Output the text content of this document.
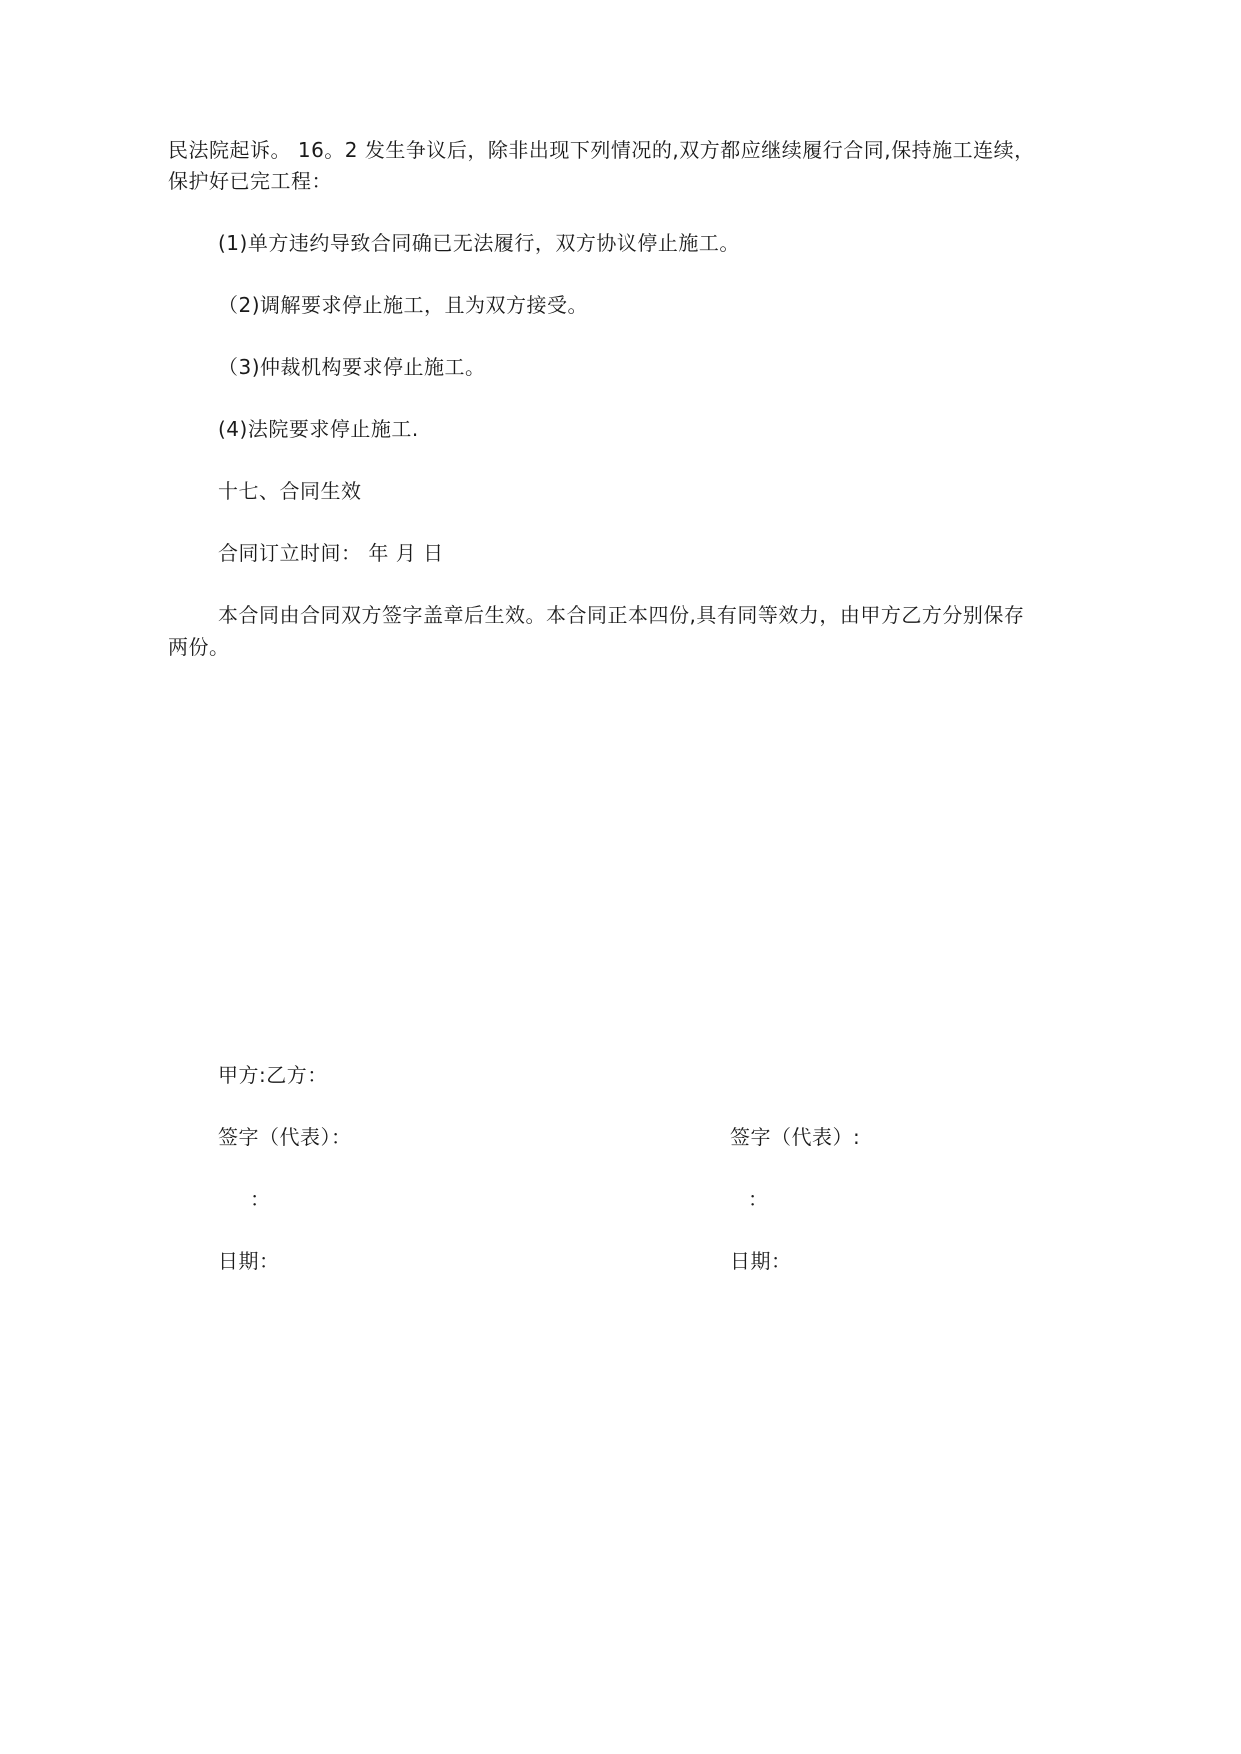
民法院起诉。 16。2 发生争议后，除非出现下列情况的,双方都应继续履行合同,保持施工连续，
保护好已完工程：
(1)单方违约导致合同确已无法履行，双方协议停止施工。
（2)调解要求停止施工，且为双方接受。
（3)仲裁机构要求停止施工。
(4)法院要求停止施工.
十七、合同生效
合同订立时间： 年 月 日
本合同由合同双方签字盖章后生效。本合同正本四份,具有同等效力，由甲方乙方分别保存
两份。
甲方:乙方：
签字（代表）：	签字（代表）:
：	：
日期：	日期：
